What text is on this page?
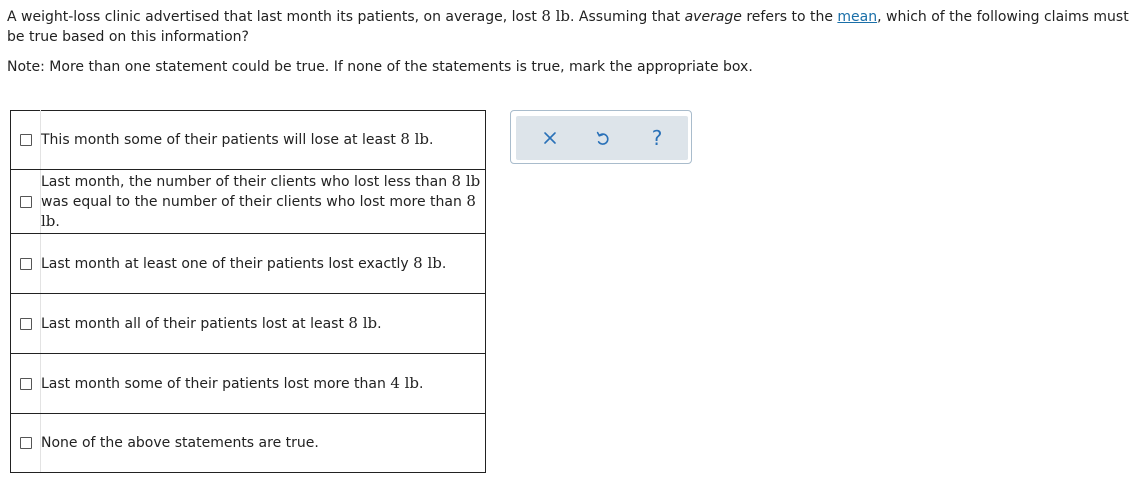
A weight-loss clinic advertised that last month its patients, on average, lost 8 lb. Assuming that average refers to the mean, which of the following claims must be true based on this information?
Note: More than one statement could be true. If none of the statements is true, mark the appropriate box.
	This month some of their patients will lose at least 8 lb.
	Last month, the number of their clients who lost less than 8 lb was equal to the number of their clients who lost more than 8 lb.
	Last month at least one of their patients lost exactly 8 lb.
	Last month all of their patients lost at least 8 lb.
	Last month some of their patients lost more than 4 lb.
	None of the above statements are true.
?
